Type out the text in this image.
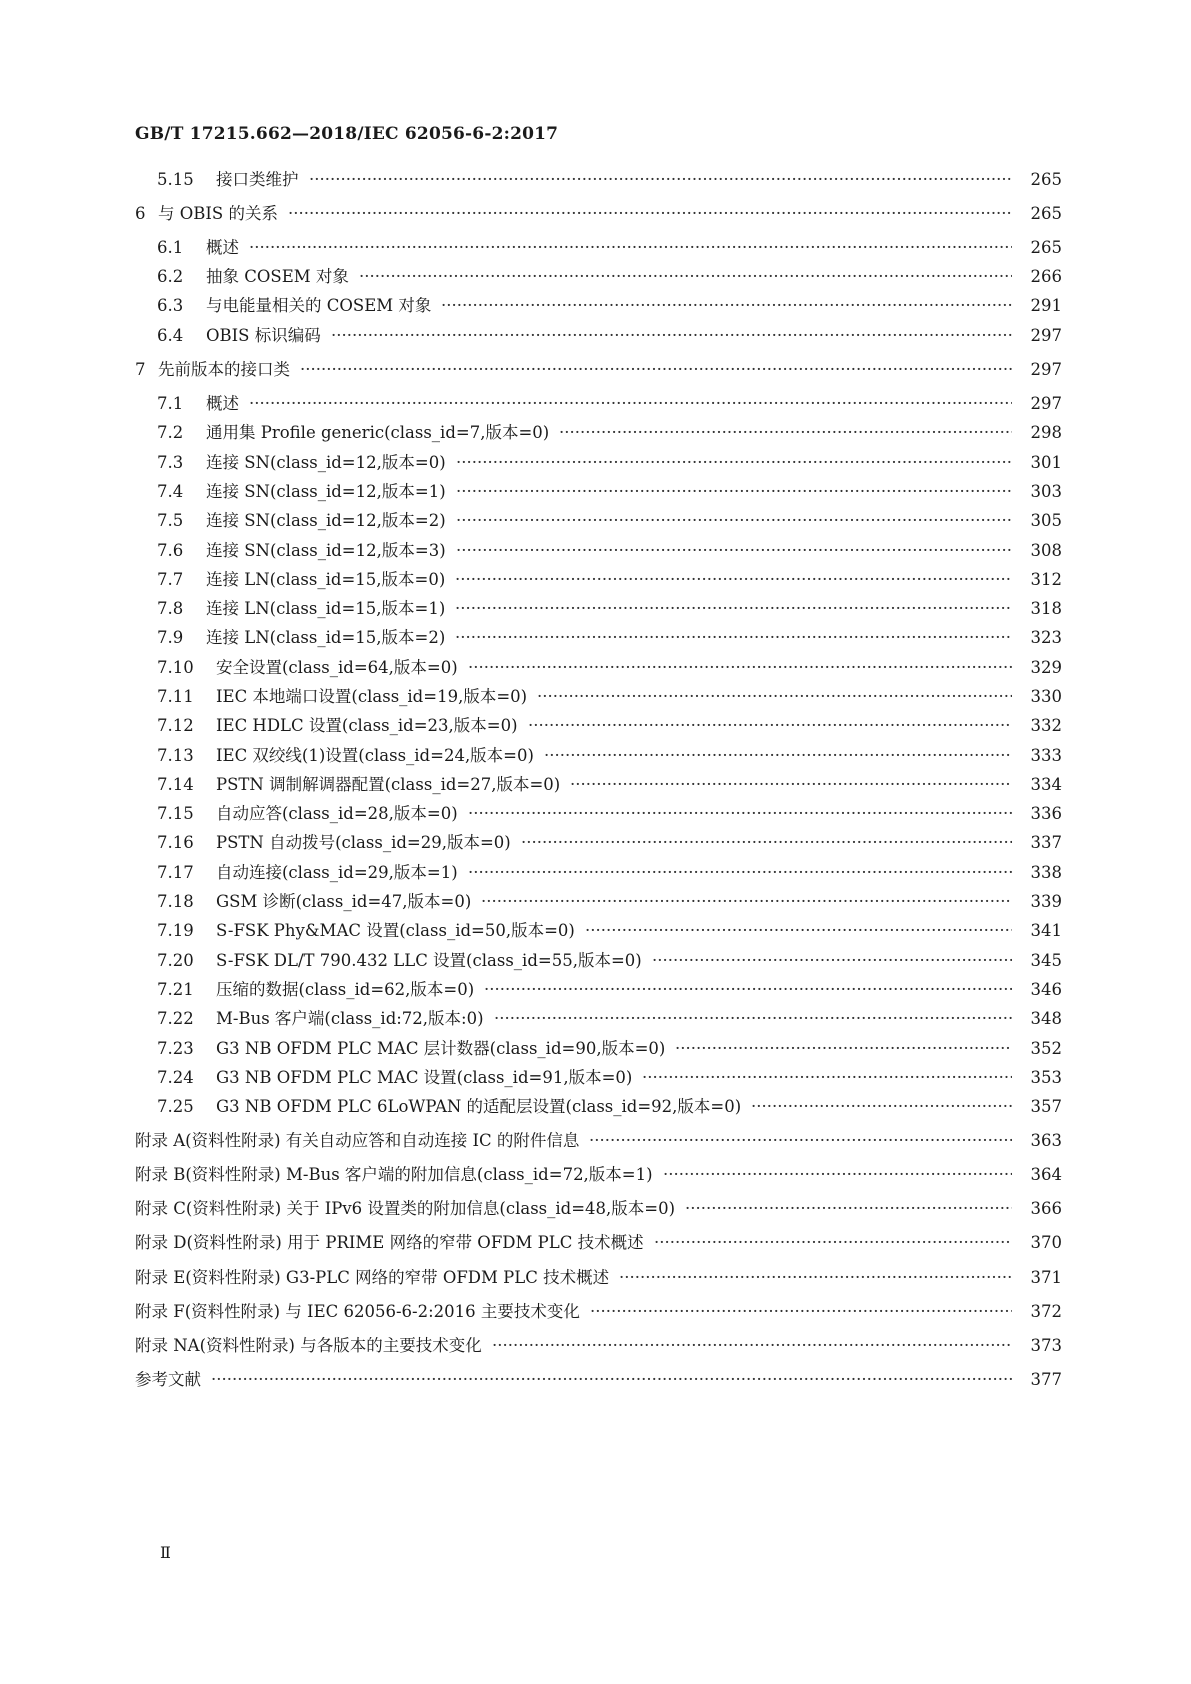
GB/T 17215.662—2018/IEC 62056-6-2:2017
5.15 接口类维护 ·····	265
6 与 OBIS 的关系 ·····	265
6.1 概述 ·····	265
6.2 抽象 COSEM 对象 ·····	266
6.3 与电能量相关的 COSEM 对象 ·····	291
6.4 OBIS 标识编码 ·····	297
7 先前版本的接口类 ·····	297
7.1 概述 ·····	297
7.2 通用集 Profile generic(class_id=7,版本=0) ·····	298
7.3 连接 SN(class_id=12,版本=0) ·····	301
7.4 连接 SN(class_id=12,版本=1) ·····	303
7.5 连接 SN(class_id=12,版本=2) ·····	305
7.6 连接 SN(class_id=12,版本=3) ·····	308
7.7 连接 LN(class_id=15,版本=0) ·····	312
7.8 连接 LN(class_id=15,版本=1) ·····	318
7.9 连接 LN(class_id=15,版本=2) ·····	323
7.10 安全设置(class_id=64,版本=0) ·····	329
7.11 IEC 本地端口设置(class_id=19,版本=0) ·····	330
7.12 IEC HDLC 设置(class_id=23,版本=0) ·····	332
7.13 IEC 双绞线(1)设置(class_id=24,版本=0) ·····	333
7.14 PSTN 调制解调器配置(class_id=27,版本=0) ·····	334
7.15 自动应答(class_id=28,版本=0) ·····	336
7.16 PSTN 自动拨号(class_id=29,版本=0) ·····	337
7.17 自动连接(class_id=29,版本=1) ·····	338
7.18 GSM 诊断(class_id=47,版本=0) ·····	339
7.19 S-FSK Phy&MAC 设置(class_id=50,版本=0) ·····	341
7.20 S-FSK DL/T 790.432 LLC 设置(class_id=55,版本=0) ·····	345
7.21 压缩的数据(class_id=62,版本=0) ·····	346
7.22 M-Bus 客户端(class_id:72,版本:0) ·····	348
7.23 G3 NB OFDM PLC MAC 层计数器(class_id=90,版本=0) ·····	352
7.24 G3 NB OFDM PLC MAC 设置(class_id=91,版本=0) ·····	353
7.25 G3 NB OFDM PLC 6LoWPAN 的适配层设置(class_id=92,版本=0) ·····	357
附录 A(资料性附录) 有关自动应答和自动连接 IC 的附件信息 ·····	363
附录 B(资料性附录) M-Bus 客户端的附加信息(class_id=72,版本=1) ·····	364
附录 C(资料性附录) 关于 IPv6 设置类的附加信息(class_id=48,版本=0) ·····	366
附录 D(资料性附录) 用于 PRIME 网络的窄带 OFDM PLC 技术概述 ·····	370
附录 E(资料性附录) G3-PLC 网络的窄带 OFDM PLC 技术概述 ·····	371
附录 F(资料性附录) 与 IEC 62056-6-2:2016 主要技术变化 ·····	372
附录 NA(资料性附录) 与各版本的主要技术变化 ·····	373
参考文献 ·····	377
Ⅱ
